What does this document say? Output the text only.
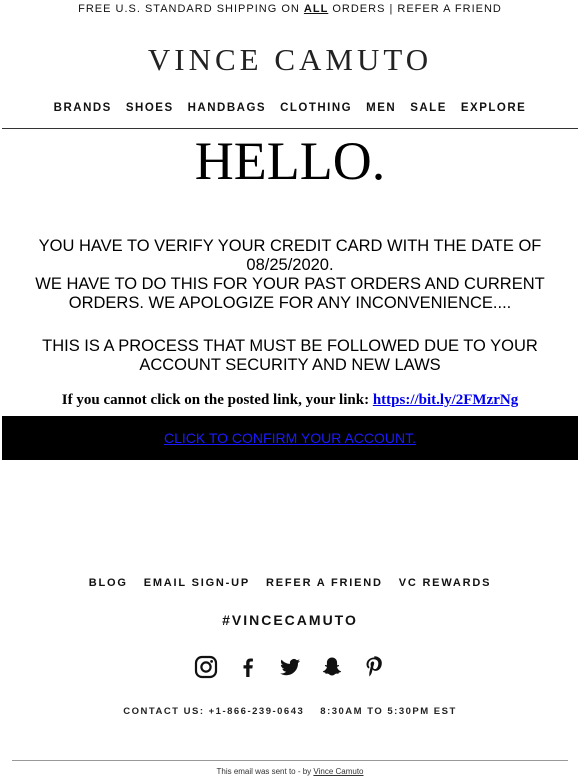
FREE U.S. STANDARD SHIPPING ON ALL ORDERS | REFER A FRIEND
VINCE CAMUTO
BRANDS SHOES HANDBAGS CLOTHING MEN SALE EXPLORE
HELLO.
YOU HAVE TO VERIFY YOUR CREDIT CARD WITH THE DATE OF 08/25/2020.
WE HAVE TO DO THIS FOR YOUR PAST ORDERS AND CURRENT ORDERS. WE APOLOGIZE FOR ANY INCONVENIENCE....
THIS IS A PROCESS THAT MUST BE FOLLOWED DUE TO YOUR ACCOUNT SECURITY AND NEW LAWS
If you cannot click on the posted link, your link: https://bit.ly/2FMzrNg
CLICK TO CONFIRM YOUR ACCOUNT.
BLOG EMAIL SIGN-UP REFER A FRIEND VC REWARDS
#VINCECAMUTO
CONTACT US: +1-866-239-0643 8:30AM TO 5:30PM EST
This email was sent to - by Vince Camuto
